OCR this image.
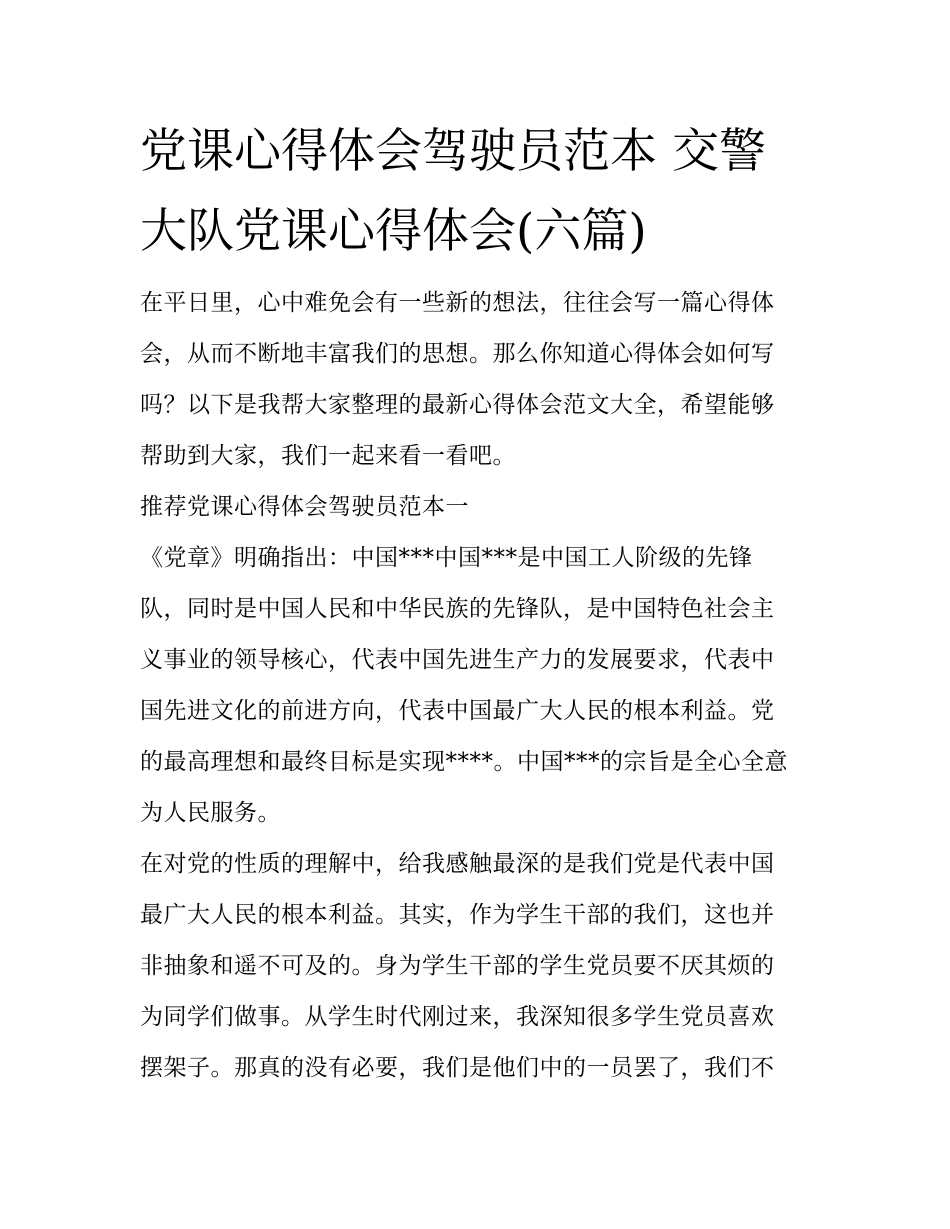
党课心得体会驾驶员范本 交警
大队党课心得体会(六篇)

在平日里，心中难免会有一些新的想法，往往会写一篇心得体
会，从而不断地丰富我们的思想。那么你知道心得体会如何写
吗？以下是我帮大家整理的最新心得体会范文大全，希望能够
帮助到大家，我们一起来看一看吧。

推荐党课心得体会驾驶员范本一

《党章》明确指出：中国***中国***是中国工人阶级的先锋
队，同时是中国人民和中华民族的先锋队，是中国特色社会主
义事业的领导核心，代表中国先进生产力的发展要求，代表中
国先进文化的前进方向，代表中国最广大人民的根本利益。党
的最高理想和最终目标是实现****。中国***的宗旨是全心全意
为人民服务。

在对党的性质的理解中，给我感触最深的是我们党是代表中国
最广大人民的根本利益。其实，作为学生干部的我们，这也并
非抽象和遥不可及的。身为学生干部的学生党员要不厌其烦的
为同学们做事。从学生时代刚过来，我深知很多学生党员喜欢
摆架子。那真的没有必要，我们是他们中的一员罢了，我们不
